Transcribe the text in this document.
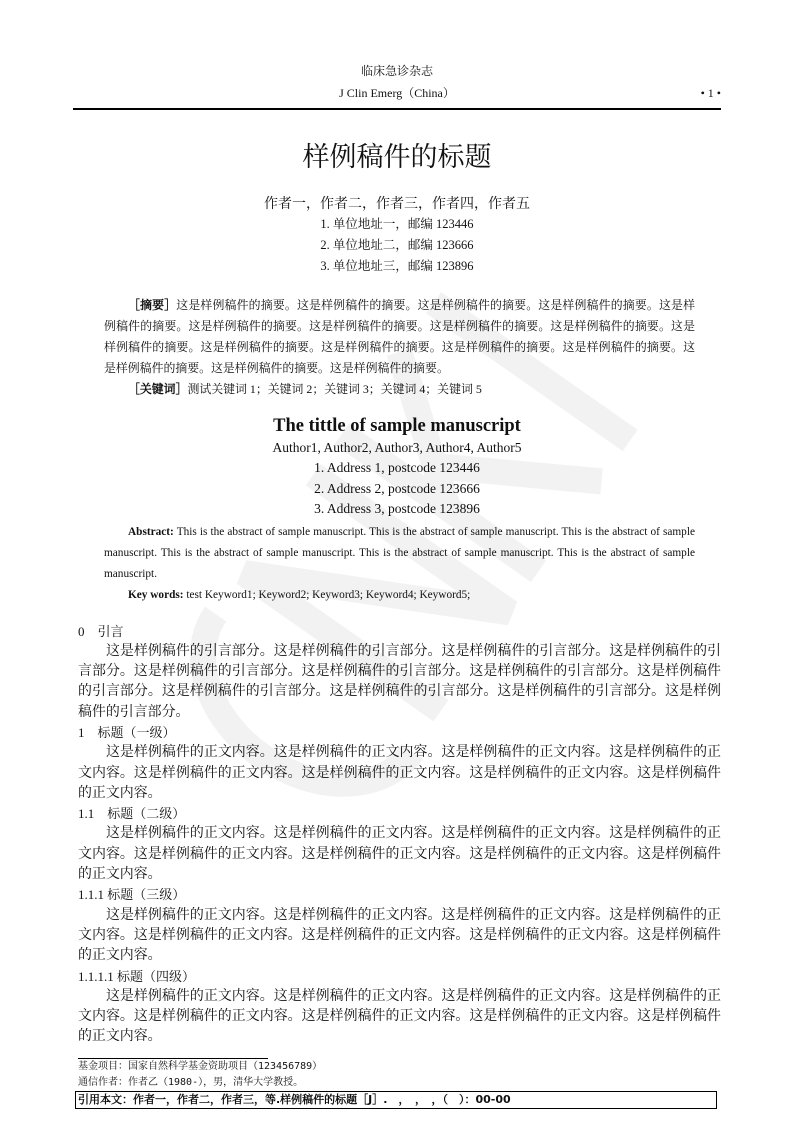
临床急诊杂志
J Clin Emerg（China）	• 1 •
样例稿件的标题
作者一，作者二，作者三，作者四，作者五
1. 单位地址一，邮编 123446
2. 单位地址二，邮编 123666
3. 单位地址三，邮编 123896
［摘要］这是样例稿件的摘要。这是样例稿件的摘要。这是样例稿件的摘要。这是样例稿件的摘要。这是样例稿件的摘要。这是样例稿件的摘要。这是样例稿件的摘要。这是样例稿件的摘要。这是样例稿件的摘要。这是样例稿件的摘要。这是样例稿件的摘要。这是样例稿件的摘要。这是样例稿件的摘要。这是样例稿件的摘要。这是样例稿件的摘要。这是样例稿件的摘要。这是样例稿件的摘要。
［关键词］测试关键词 1；关键词 2；关键词 3；关键词 4；关键词 5
The tittle of sample manuscript
Author1, Author2, Author3, Author4, Author5
1. Address 1, postcode 123446
2. Address 2, postcode 123666
3. Address 3, postcode 123896
Abstract: This is the abstract of sample manuscript. This is the abstract of sample manuscript. This is the abstract of sample manuscript. This is the abstract of sample manuscript. This is the abstract of sample manuscript. This is the abstract of sample manuscript.
Key words: test Keyword1; Keyword2; Keyword3; Keyword4; Keyword5;

0　引言

这是样例稿件的引言部分。这是样例稿件的引言部分。这是样例稿件的引言部分。这是样例稿件的引言部分。这是样例稿件的引言部分。这是样例稿件的引言部分。这是样例稿件的引言部分。这是样例稿件的引言部分。这是样例稿件的引言部分。这是样例稿件的引言部分。这是样例稿件的引言部分。这是样例稿件的引言部分。

1　标题（一级）

这是样例稿件的正文内容。这是样例稿件的正文内容。这是样例稿件的正文内容。这是样例稿件的正文内容。这是样例稿件的正文内容。这是样例稿件的正文内容。这是样例稿件的正文内容。这是样例稿件的正文内容。

1.1　标题（二级）

这是样例稿件的正文内容。这是样例稿件的正文内容。这是样例稿件的正文内容。这是样例稿件的正文内容。这是样例稿件的正文内容。这是样例稿件的正文内容。这是样例稿件的正文内容。这是样例稿件的正文内容。

1.1.1 标题（三级）

这是样例稿件的正文内容。这是样例稿件的正文内容。这是样例稿件的正文内容。这是样例稿件的正文内容。这是样例稿件的正文内容。这是样例稿件的正文内容。这是样例稿件的正文内容。这是样例稿件的正文内容。

1.1.1.1 标题（四级）

这是样例稿件的正文内容。这是样例稿件的正文内容。这是样例稿件的正文内容。这是样例稿件的正文内容。这是样例稿件的正文内容。这是样例稿件的正文内容。这是样例稿件的正文内容。这是样例稿件的正文内容。

基金项目：国家自然科学基金资助项目（123456789）
通信作者：作者乙（1980-），男，清华大学教授。
引用本文：作者一，作者二，作者三，等.样例稿件的标题［J］.　，　，　，（　）：00-00
